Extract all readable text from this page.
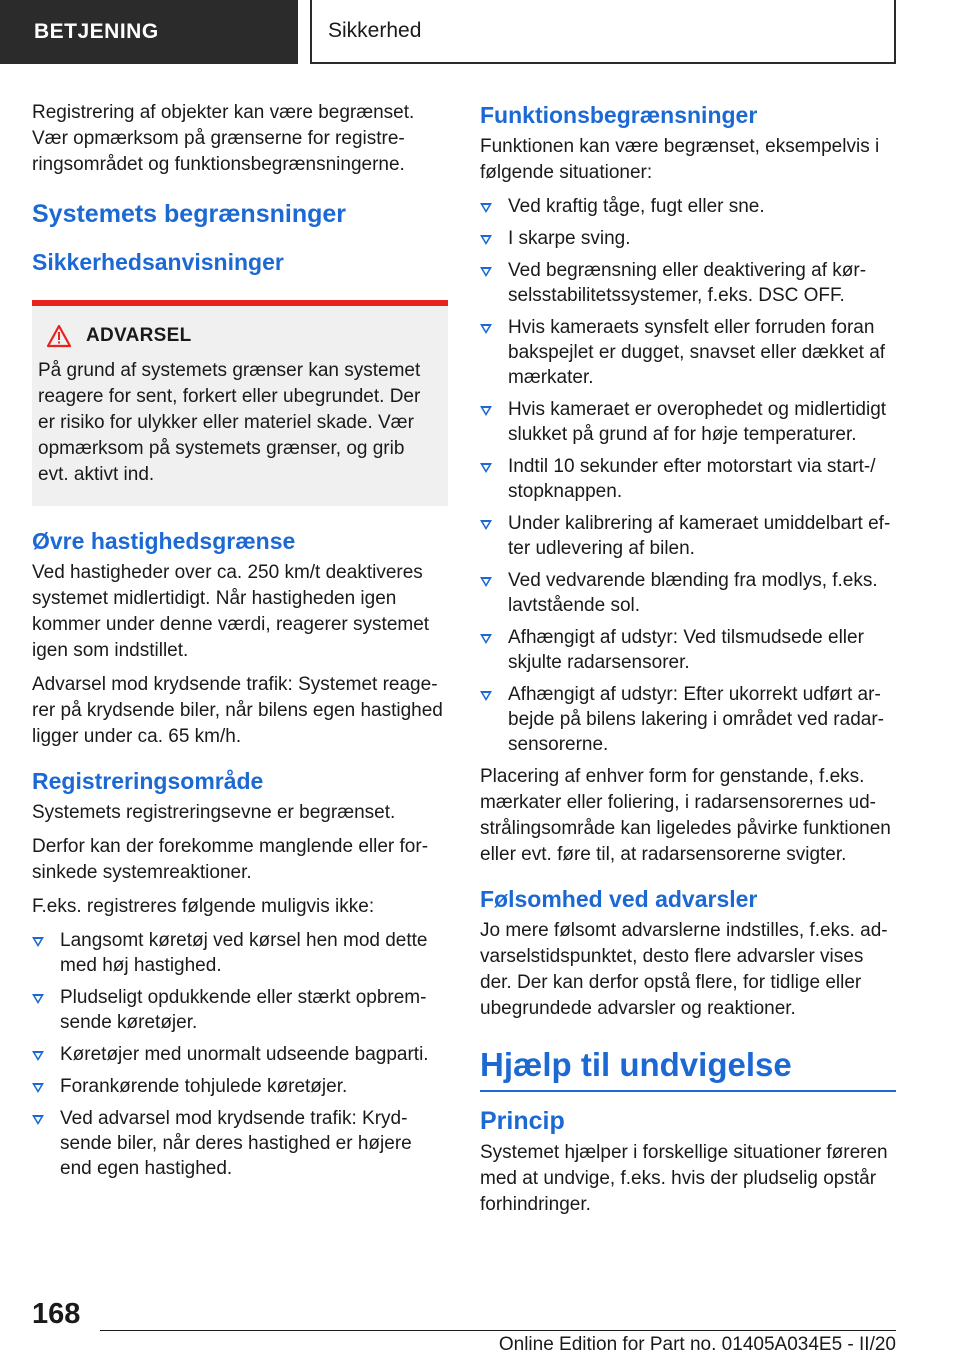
BETJENING	Sikkerhed

Registrering af objekter kan være begrænset. Vær opmærksom på grænserne for registreringsområdet og funktionsbegrænsningerne.

Systemets begrænsninger
Sikkerhedsanvisninger
ADVARSEL

På grund af systemets grænser kan systemet reagere for sent, forkert eller ubegrundet. Der er risiko for ulykker eller materiel skade. Vær opmærksom på systemets grænser, og grib evt. aktivt ind.

Øvre hastighedsgrænse

Ved hastigheder over ca. 250 km/t deaktiveres systemet midlertidigt. Når hastigheden igen kommer under denne værdi, reagerer systemet igen som indstillet.

Advarsel mod krydsende trafik: Systemet reagerer på krydsende biler, når bilens egen hastighed ligger under ca. 65 km/h.

Registreringsområde

Systemets registreringsevne er begrænset.

Derfor kan der forekomme manglende eller forsinkede systemreaktioner.

F.eks. registreres følgende muligvis ikke:

Langsomt køretøj ved kørsel hen mod dette med høj hastighed.
Pludseligt opdukkende eller stærkt opbremsende køretøjer.
Køretøjer med unormalt udseende bagparti.
Forankørende tohjulede køretøjer.
Ved advarsel mod krydsende trafik: Krydsende biler, når deres hastighed er højere end egen hastighed.
Funktionsbegrænsninger

Funktionen kan være begrænset, eksempelvis i følgende situationer:

Ved kraftig tåge, fugt eller sne.
I skarpe sving.
Ved begrænsning eller deaktivering af kørselsstabilitetssystemer, f.eks. DSC OFF.
Hvis kameraets synsfelt eller forruden foran bakspejlet er dugget, snavset eller dækket af mærkater.
Hvis kameraet er overophedet og midlertidigt slukket på grund af for høje temperaturer.
Indtil 10 sekunder efter motorstart via start-/ stopknappen.
Under kalibrering af kameraet umiddelbart efter udlevering af bilen.
Ved vedvarende blænding fra modlys, f.eks. lavtstående sol.
Afhængigt af udstyr: Ved tilsmudsede eller skjulte radarsensorer.
Afhængigt af udstyr: Efter ukorrekt udført arbejde på bilens lakering i området ved radarsensorerne.

Placering af enhver form for genstande, f.eks. mærkater eller foliering, i radarsensorernes udstrålingsområde kan ligeledes påvirke funktionen eller evt. føre til, at radarsensorerne svigter.

Følsomhed ved advarsler

Jo mere følsomt advarslerne indstilles, f.eks. advarselstidspunktet, desto flere advarsler vises der. Der kan derfor opstå flere, for tidlige eller ubegrundede advarsler og reaktioner.

Hjælp til undvigelse
Princip

Systemet hjælper i forskellige situationer føreren med at undvige, f.eks. hvis der pludselig opstår forhindringer.

168
Online Edition for Part no. 01405A034E5 - II/20
